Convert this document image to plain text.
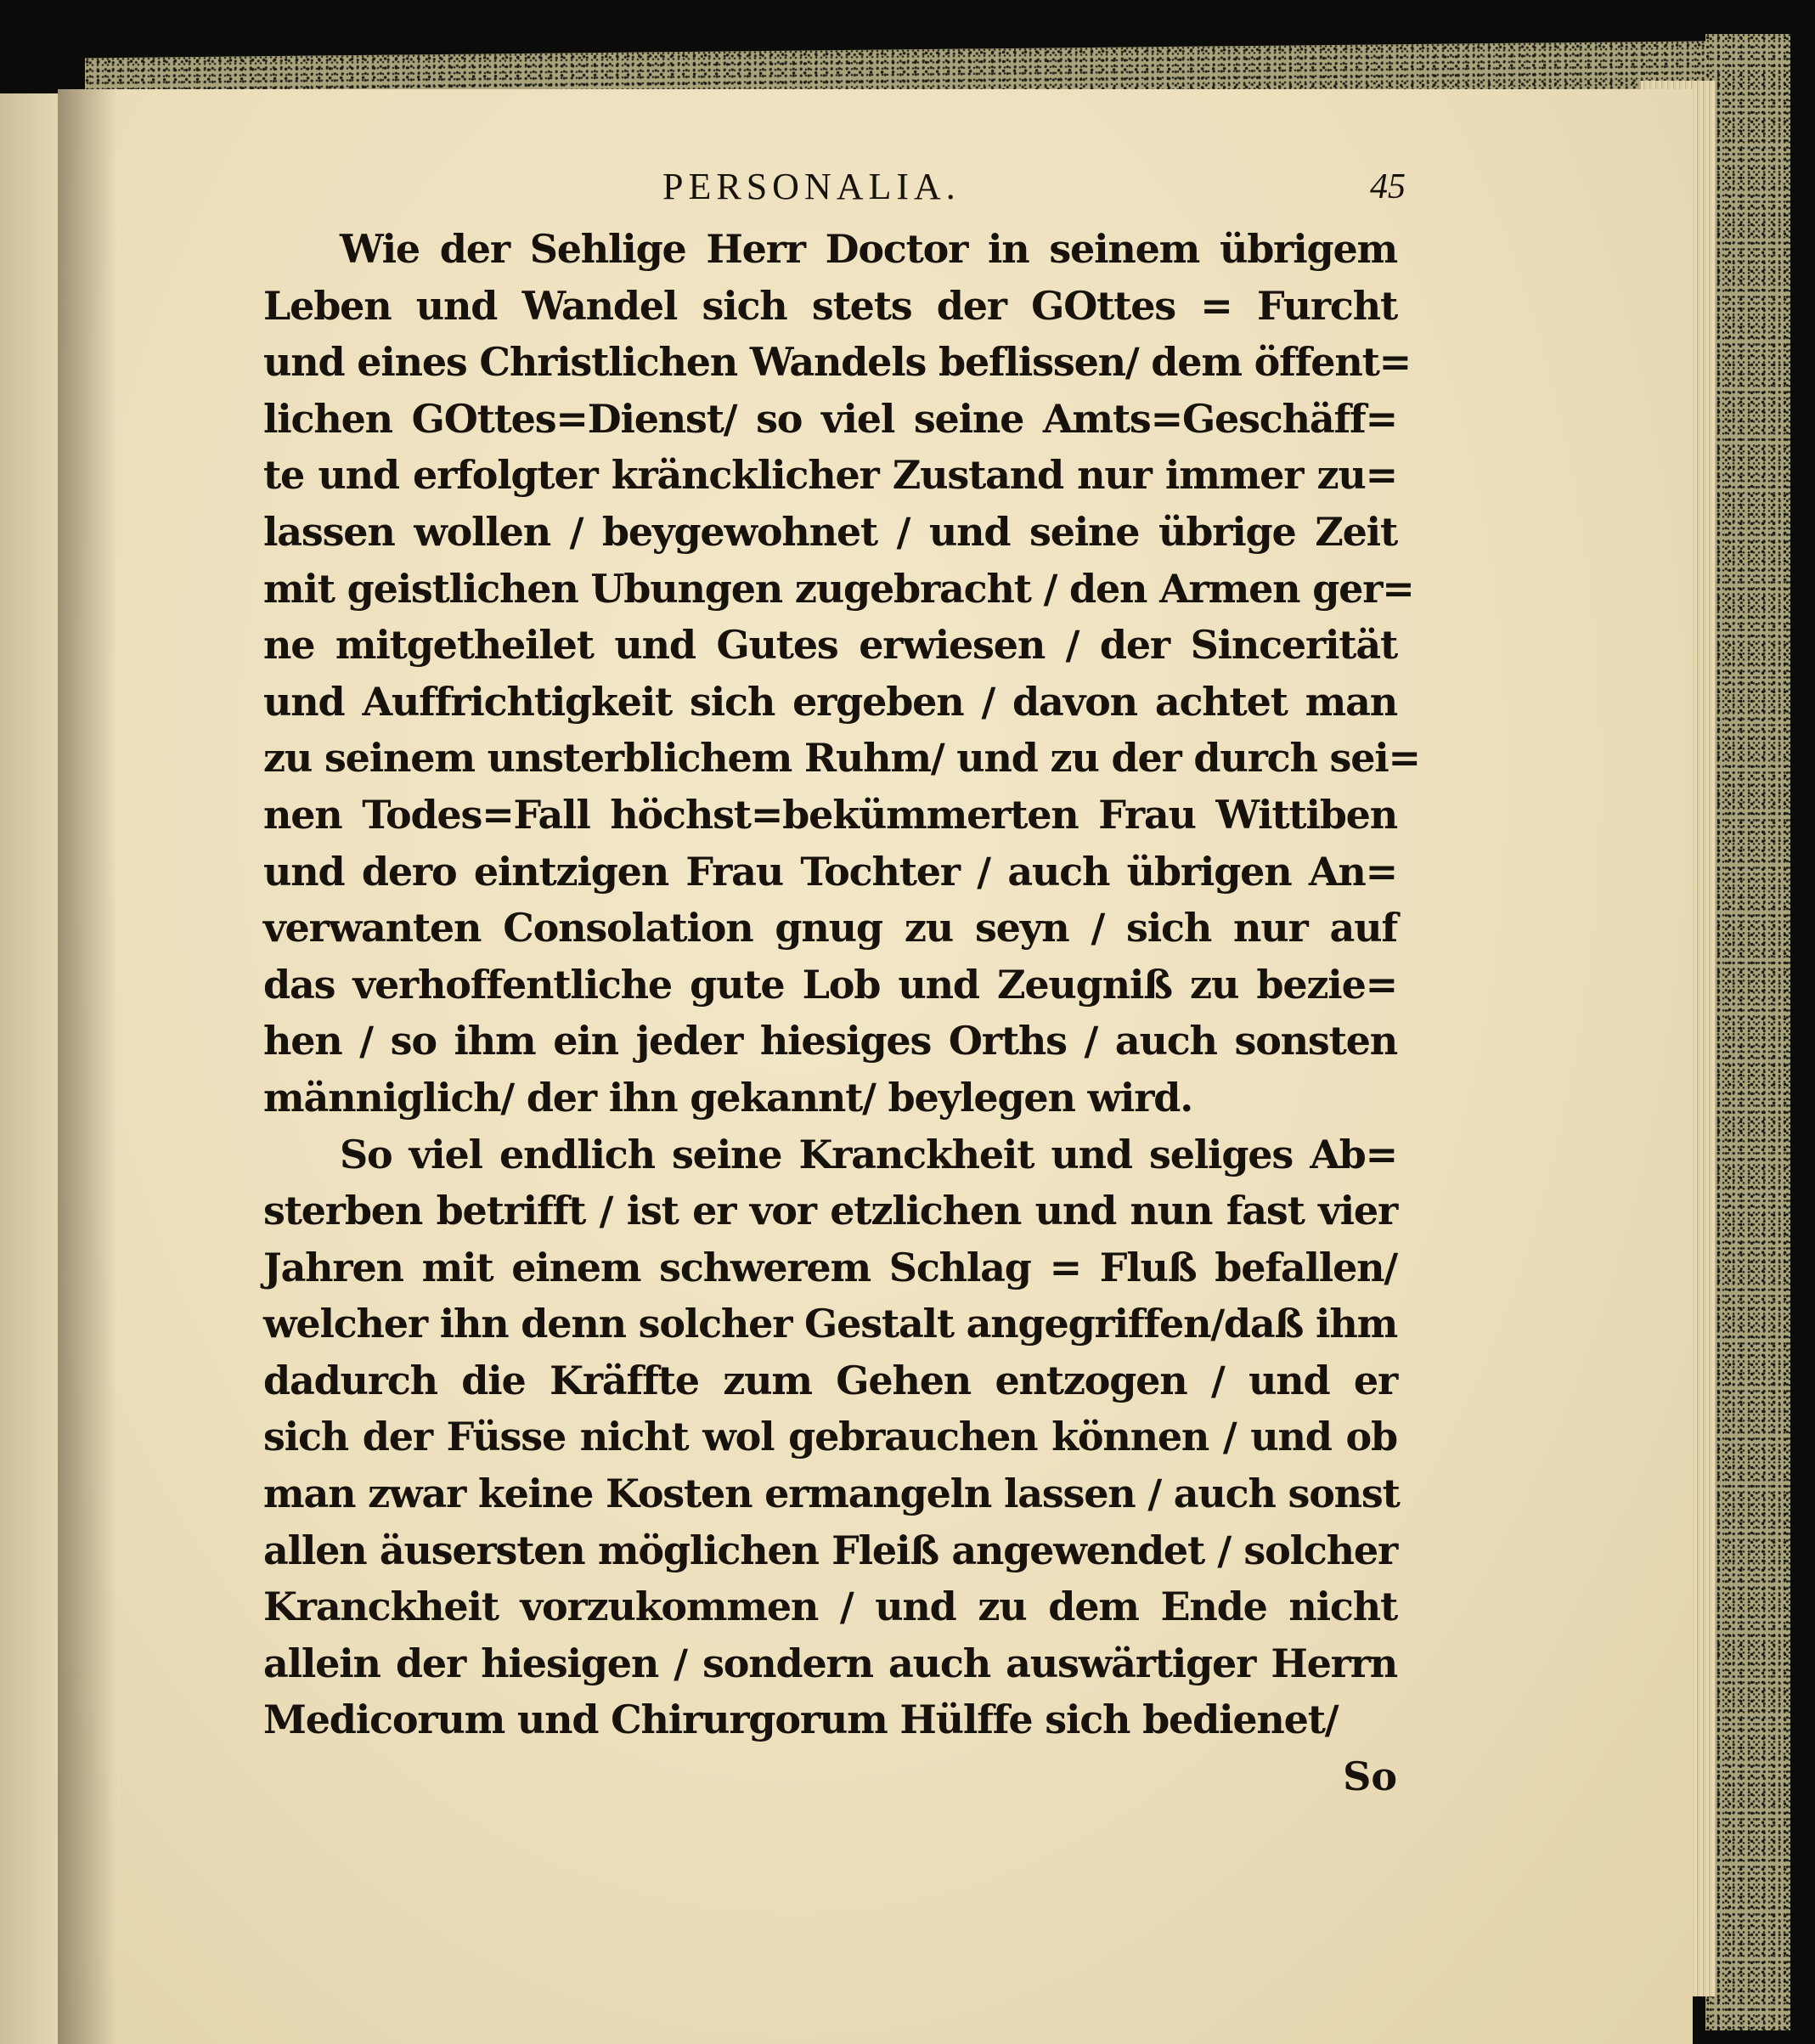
PERSONALIA.	45
Wie der Sehlige Herr Doctor in seinem übrigem
Leben und Wandel sich stets der GOttes = Furcht
und eines Christlichen Wandels beflissen/ dem öffent=
lichen GOttes=Dienst/ so viel seine Amts=Geschäff=
te und erfolgter kräncklicher Zustand nur immer zu=
lassen wollen / beygewohnet / und seine übrige Zeit
mit geistlichen Ubungen zugebracht / den Armen ger=
ne mitgetheilet und Gutes erwiesen / der Sincerität
und Auffrichtigkeit sich ergeben / davon achtet man
zu seinem unsterblichem Ruhm/ und zu der durch sei=
nen Todes=Fall höchst=bekümmerten Frau Wittiben
und dero eintzigen Frau Tochter / auch übrigen An=
verwanten Consolation gnug zu seyn / sich nur auf
das verhoffentliche gute Lob und Zeugniß zu bezie=
hen / so ihm ein jeder hiesiges Orths / auch sonsten
männiglich/ der ihn gekannt/ beylegen wird.
So viel endlich seine Kranckheit und seliges Ab=
sterben betrifft / ist er vor etzlichen und nun fast vier
Jahren mit einem schwerem Schlag = Fluß befallen/
welcher ihn denn solcher Gestalt angegriffen/daß ihm
dadurch die Kräffte zum Gehen entzogen / und er
sich der Füsse nicht wol gebrauchen können / und ob
man zwar keine Kosten ermangeln lassen / auch sonst
allen äusersten möglichen Fleiß angewendet / solcher
Kranckheit vorzukommen / und zu dem Ende nicht
allein der hiesigen / sondern auch auswärtiger Herrn
Medicorum und Chirurgorum Hülffe sich bedienet/
So
